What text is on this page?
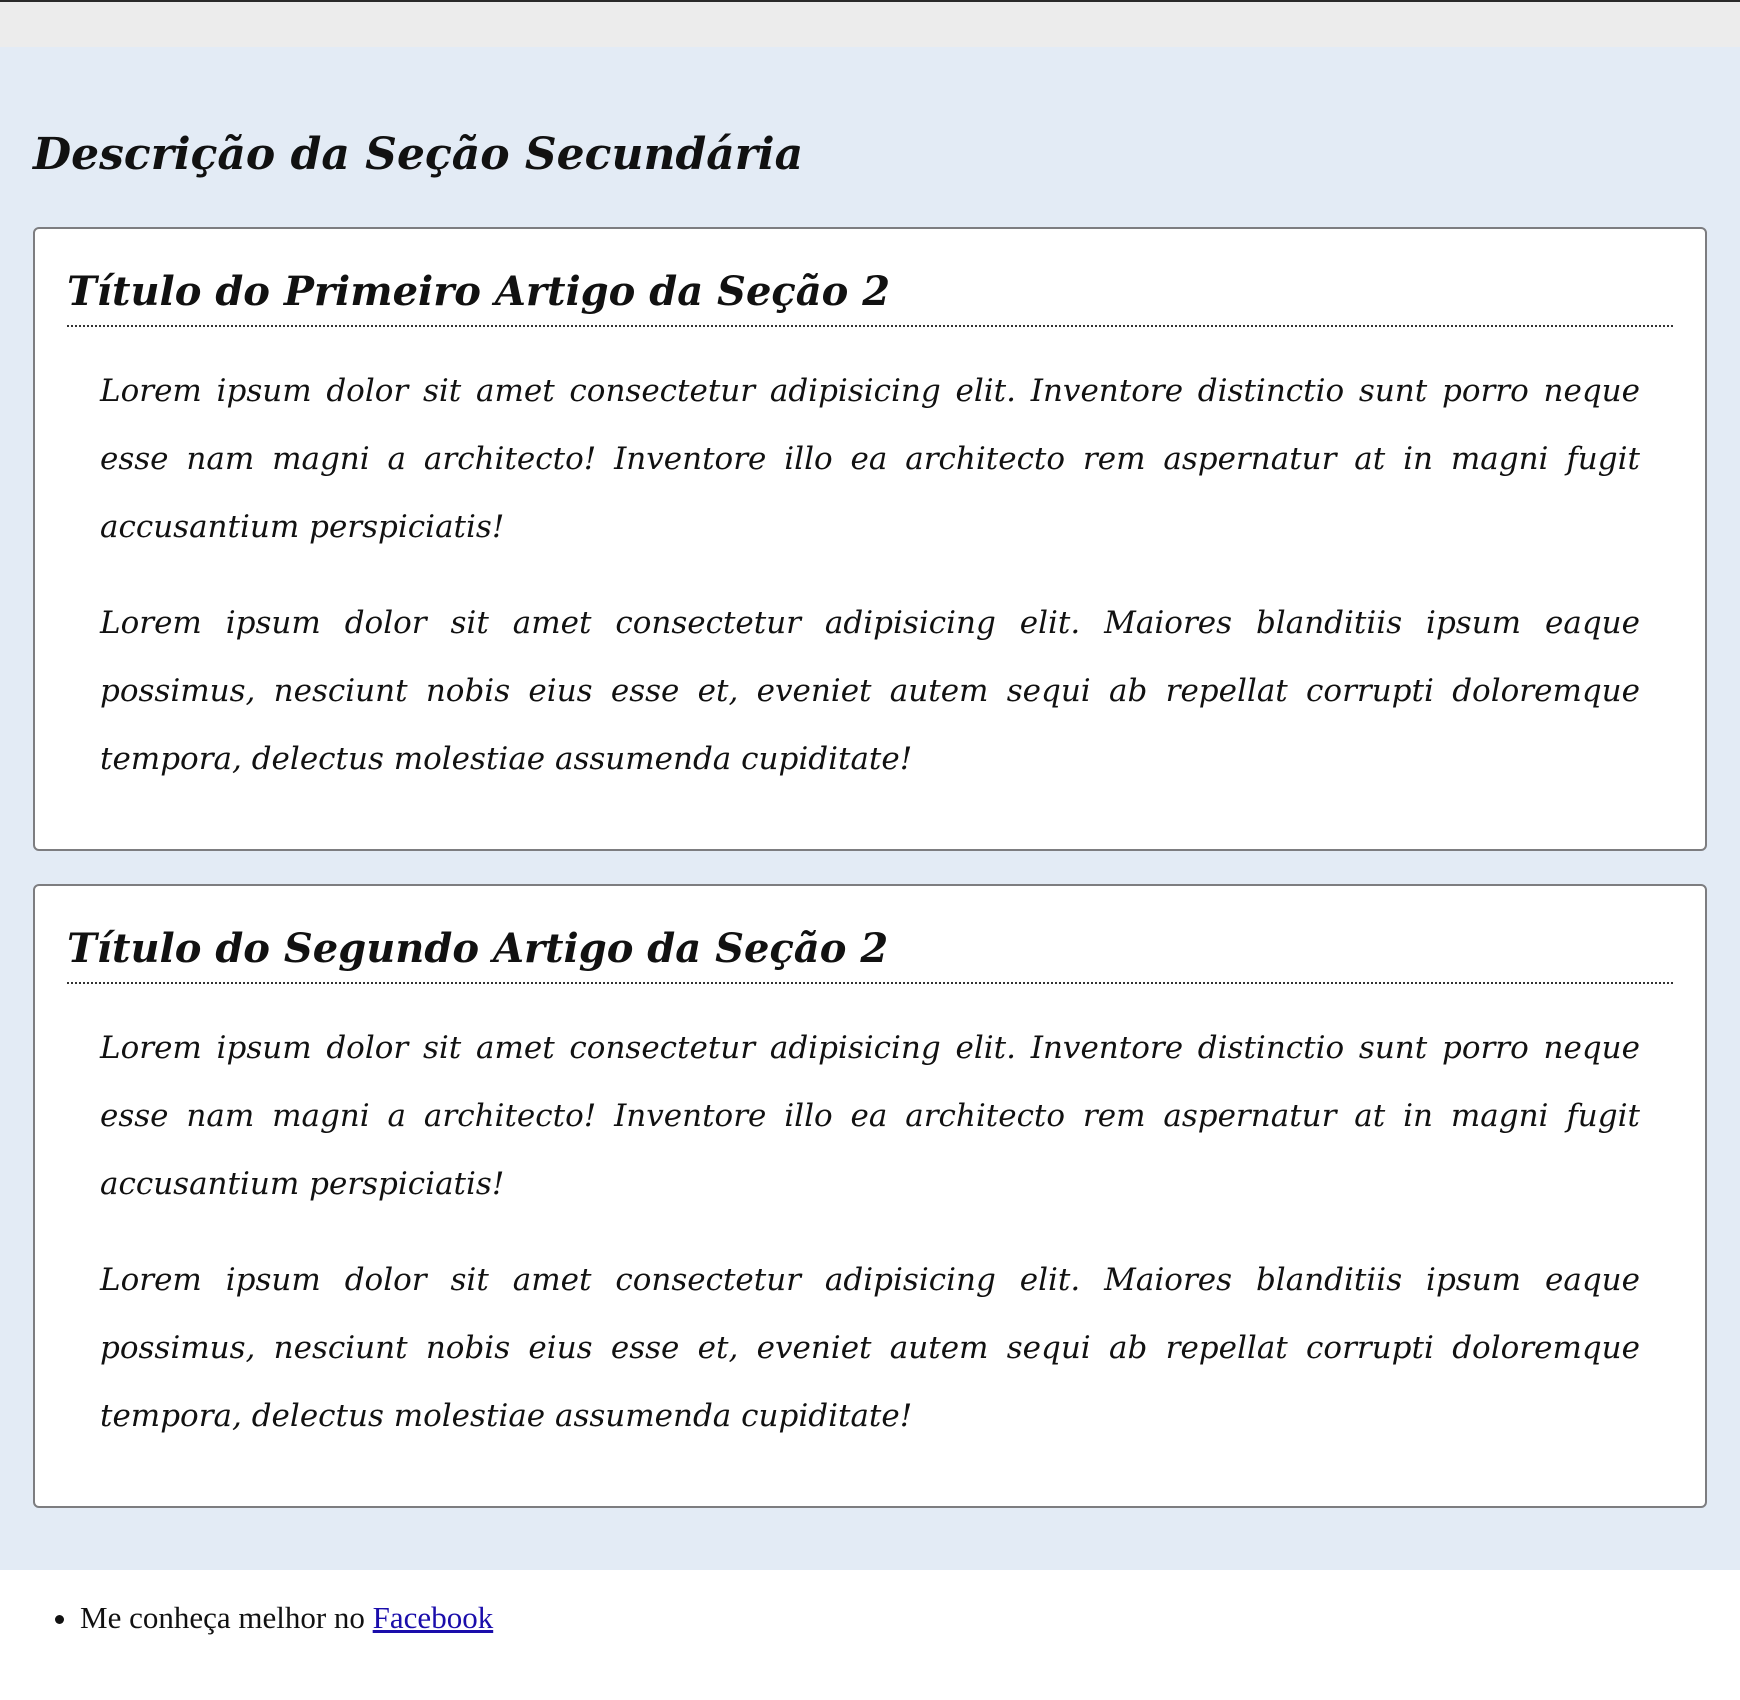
Descrição da Seção Secundária
Título do Primeiro Artigo da Seção 2

Lorem ipsum dolor sit amet consectetur adipisicing elit. Inventore distinctio sunt porro neque esse nam magni a architecto! Inventore illo ea architecto rem aspernatur at in magni fugit accusantium perspiciatis!

Lorem ipsum dolor sit amet consectetur adipisicing elit. Maiores blanditiis ipsum eaque possimus, nesciunt nobis eius esse et, eveniet autem sequi ab repellat corrupti doloremque tempora, delectus molestiae assumenda cupiditate!

Título do Segundo Artigo da Seção 2

Lorem ipsum dolor sit amet consectetur adipisicing elit. Inventore distinctio sunt porro neque esse nam magni a architecto! Inventore illo ea architecto rem aspernatur at in magni fugit accusantium perspiciatis!

Lorem ipsum dolor sit amet consectetur adipisicing elit. Maiores blanditiis ipsum eaque possimus, nesciunt nobis eius esse et, eveniet autem sequi ab repellat corrupti doloremque tempora, delectus molestiae assumenda cupiditate!

• Me conheça melhor no Facebook
